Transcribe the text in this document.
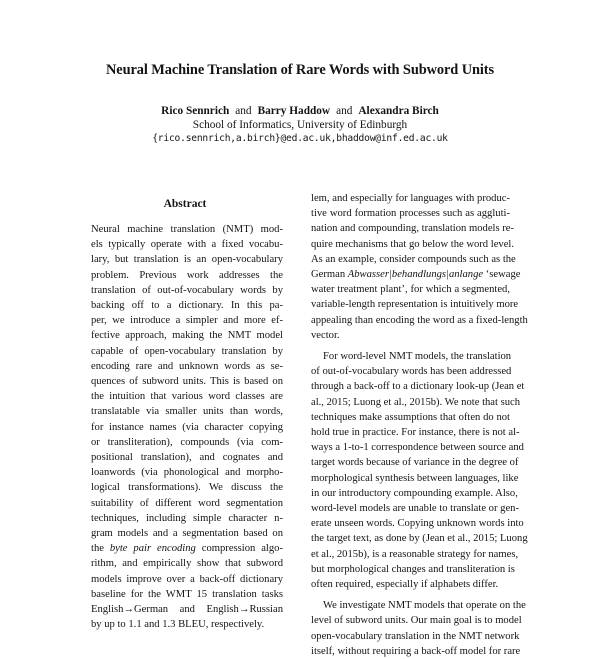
Neural Machine Translation of Rare Words with Subword Units
Rico Sennrich and Barry Haddow and Alexandra Birch
School of Informatics, University of Edinburgh
{rico.sennrich,a.birch}@ed.ac.uk,bhaddow@inf.ed.ac.uk
Abstract
Neural machine translation (NMT) mod-
els typically operate with a fixed vocabu-
lary, but translation is an open-vocabulary
problem. Previous work addresses the
translation of out-of-vocabulary words by
backing off to a dictionary. In this pa-
per, we introduce a simpler and more ef-
fective approach, making the NMT model
capable of open-vocabulary translation by
encoding rare and unknown words as se-
quences of subword units. This is based on
the intuition that various word classes are
translatable via smaller units than words,
for instance names (via character copying
or transliteration), compounds (via com-
positional translation), and cognates and
loanwords (via phonological and morpho-
logical transformations). We discuss the
suitability of different word segmentation
techniques, including simple character n-
gram models and a segmentation based on
the byte pair encoding compression algo-
rithm, and empirically show that subword
models improve over a back-off dictionary
baseline for the WMT 15 translation tasks
English→German and English→Russian
by up to 1.1 and 1.3 BLEU, respectively.
lem, and especially for languages with produc-
tive word formation processes such as aggluti-
nation and compounding, translation models re-
quire mechanisms that go below the word level.
As an example, consider compounds such as the
German Abwasser|behandlungs|anlange ‘sewage
water treatment plant’, for which a segmented,
variable-length representation is intuitively more
appealing than encoding the word as a fixed-length
vector.
For word-level NMT models, the translation
of out-of-vocabulary words has been addressed
through a back-off to a dictionary look-up (Jean et
al., 2015; Luong et al., 2015b). We note that such
techniques make assumptions that often do not
hold true in practice. For instance, there is not al-
ways a 1-to-1 correspondence between source and
target words because of variance in the degree of
morphological synthesis between languages, like
in our introductory compounding example. Also,
word-level models are unable to translate or gen-
erate unseen words. Copying unknown words into
the target text, as done by (Jean et al., 2015; Luong
et al., 2015b), is a reasonable strategy for names,
but morphological changes and transliteration is
often required, especially if alphabets differ.
We investigate NMT models that operate on the
level of subword units. Our main goal is to model
open-vocabulary translation in the NMT network
itself, without requiring a back-off model for rare
